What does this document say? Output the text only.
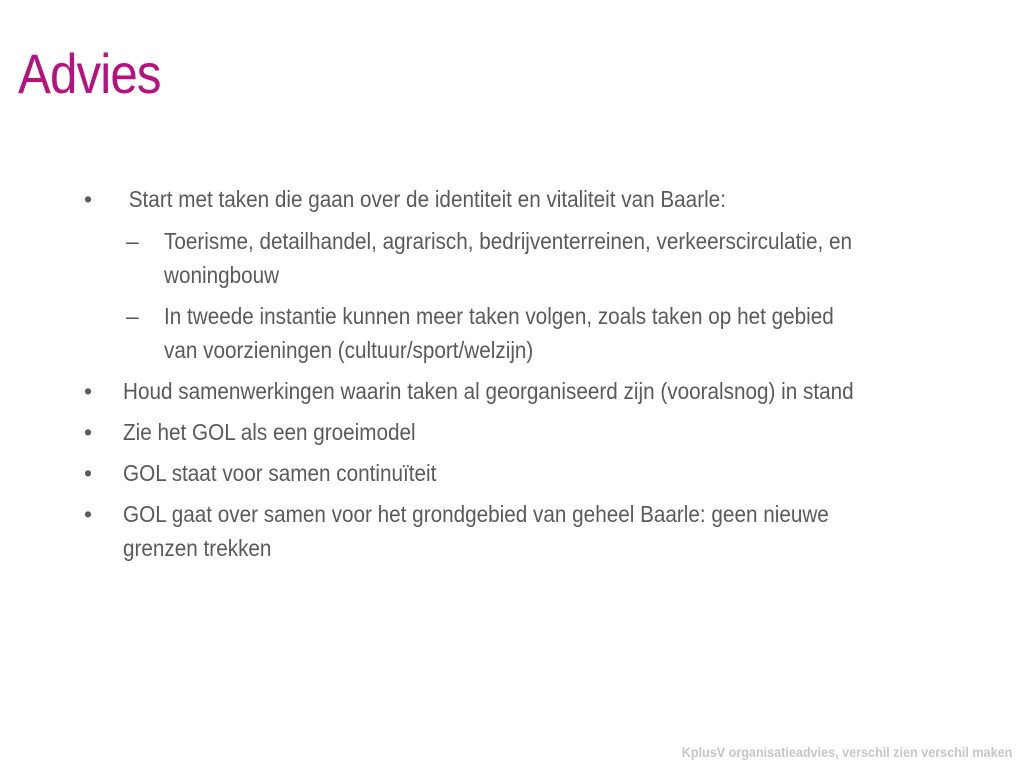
Advies
• Start met taken die gaan over de identiteit en vitaliteit van Baarle:
– Toerisme, detailhandel, agrarisch, bedrijventerreinen, verkeerscirculatie, en
woningbouw
– In tweede instantie kunnen meer taken volgen, zoals taken op het gebied
van voorzieningen (cultuur/sport/welzijn)
• Houd samenwerkingen waarin taken al georganiseerd zijn (vooralsnog) in stand
• Zie het GOL als een groeimodel
• GOL staat voor samen continuïteit
• GOL gaat over samen voor het grondgebied van geheel Baarle: geen nieuwe
grenzen trekken
KplusV organisatieadvies, verschil zien verschil maken
